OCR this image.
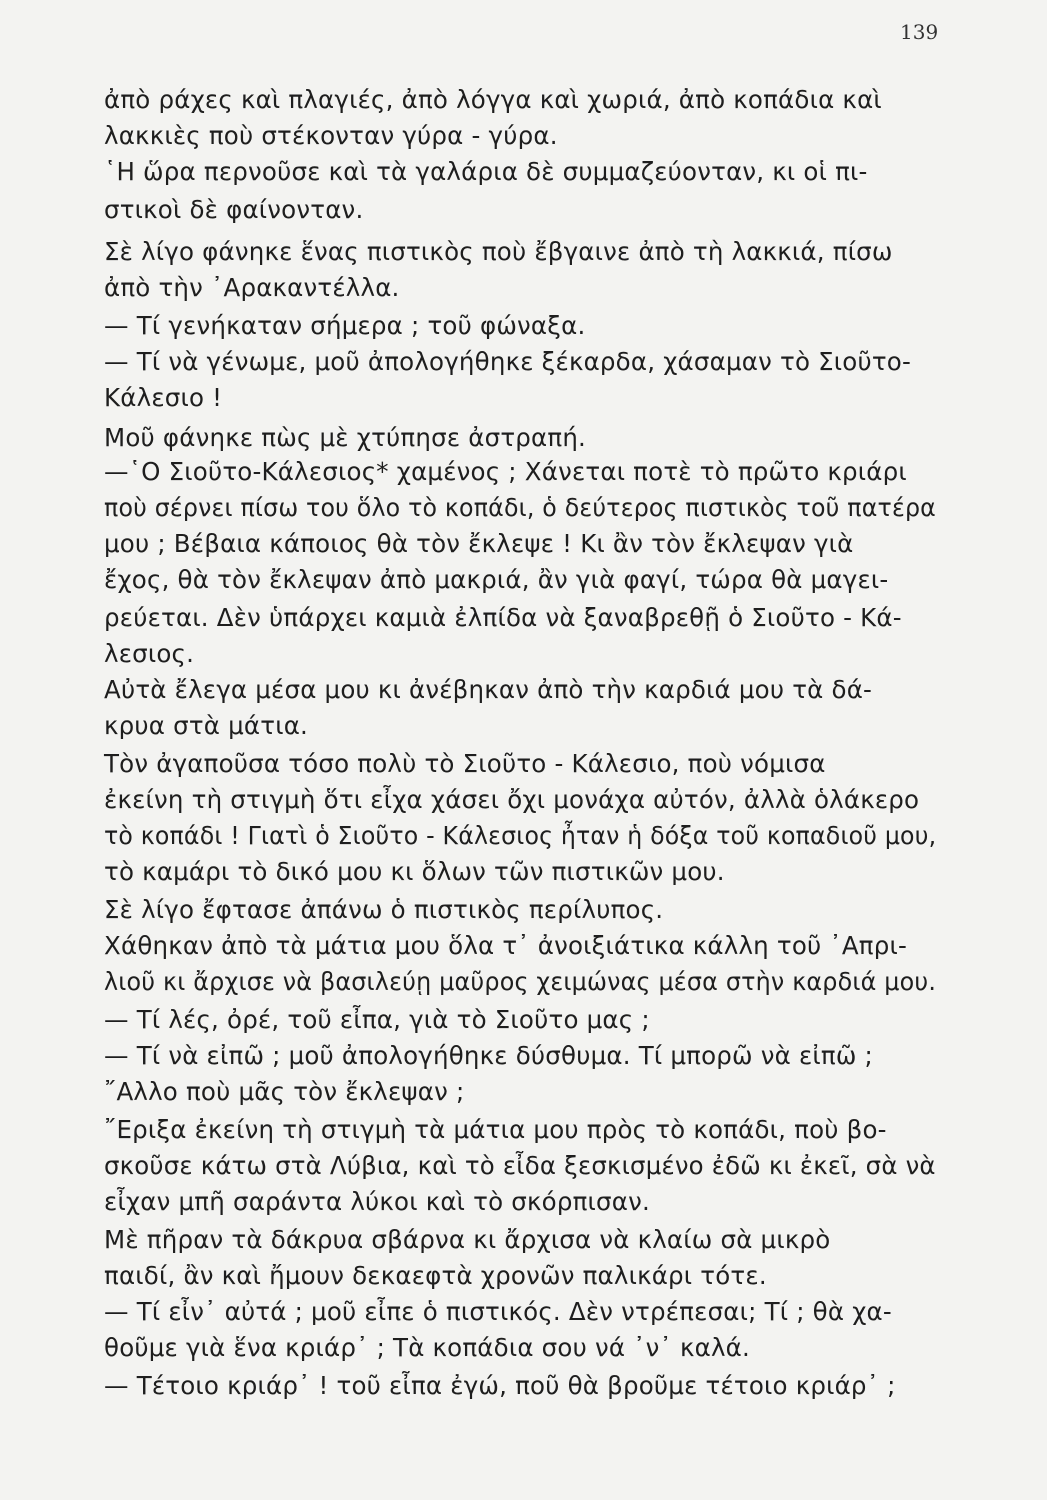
139
ἀπὸ ράχες καὶ πλαγιές, ἀπὸ λόγγα καὶ χωριά, ἀπὸ κοπάδια καὶ
λακκιὲς ποὺ στέκονταν γύρα - γύρα.
῾Η ὥρα περνοῦσε καὶ τὰ γαλάρια δὲ συμμαζεύονταν, κι οἱ πι-
στικοὶ δὲ φαίνονταν.
Σὲ λίγο φάνηκε ἕνας πιστικὸς ποὺ ἔβγαινε ἀπὸ τὴ λακκιά, πίσω
ἀπὸ τὴν ᾿Αρακαντέλλα.
— Τί γενήκαταν σήμερα ; τοῦ φώναξα.
— Τί νὰ γένωμε, μοῦ ἀπολογήθηκε ξέκαρδα, χάσαμαν τὸ Σιοῦτο-
Κάλεσιο !
Μοῦ φάνηκε πὼς μὲ χτύπησε ἀστραπή.
—῾Ο Σιοῦτο-Κάλεσιος* χαμένος ; Χάνεται ποτὲ τὸ πρῶτο κριάρι
ποὺ σέρνει πίσω του ὅλο τὸ κοπάδι, ὁ δεύτερος πιστικὸς τοῦ πατέρα
μου ; Βέβαια κάποιος θὰ τὸν ἔκλεψε ! Κι ἂν τὸν ἔκλεψαν γιὰ
ἔχος, θὰ τὸν ἔκλεψαν ἀπὸ μακριά, ἂν γιὰ φαγί, τώρα θὰ μαγει-
ρεύεται. Δὲν ὑπάρχει καμιὰ ἐλπίδα νὰ ξαναβρεθῇ ὁ Σιοῦτο - Κά-
λεσιος.
Αὐτὰ ἔλεγα μέσα μου κι ἀνέβηκαν ἀπὸ τὴν καρδιά μου τὰ δά-
κρυα στὰ μάτια.
Τὸν ἀγαποῦσα τόσο πολὺ τὸ Σιοῦτο - Κάλεσιο, ποὺ νόμισα
ἐκείνη τὴ στιγμὴ ὅτι εἶχα χάσει ὄχι μονάχα αὐτόν, ἀλλὰ ὁλάκερο
τὸ κοπάδι ! Γιατὶ ὁ Σιοῦτο - Κάλεσιος ἦταν ἡ δόξα τοῦ κοπαδιοῦ μου,
τὸ καμάρι τὸ δικό μου κι ὅλων τῶν πιστικῶν μου.
Σὲ λίγο ἔφτασε ἀπάνω ὁ πιστικὸς περίλυπος.
Χάθηκαν ἀπὸ τὰ μάτια μου ὅλα τ᾿ ἀνοιξιάτικα κάλλη τοῦ ᾿Απρι-
λιοῦ κι ἄρχισε νὰ βασιλεύῃ μαῦρος χειμώνας μέσα στὴν καρδιά μου.
— Τί λές, ὀρέ, τοῦ εἶπα, γιὰ τὸ Σιοῦτο μας ;
— Τί νὰ εἰπῶ ; μοῦ ἀπολογήθηκε δύσθυμα. Τί μπορῶ νὰ εἰπῶ ;
῎Αλλο ποὺ μᾶς τὸν ἔκλεψαν ;
῎Εριξα ἐκείνη τὴ στιγμὴ τὰ μάτια μου πρὸς τὸ κοπάδι, ποὺ βο-
σκοῦσε κάτω στὰ Λύβια, καὶ τὸ εἶδα ξεσκισμένο ἐδῶ κι ἐκεῖ, σὰ νὰ
εἶχαν μπῆ σαράντα λύκοι καὶ τὸ σκόρπισαν.
Μὲ πῆραν τὰ δάκρυα σβάρνα κι ἄρχισα νὰ κλαίω σὰ μικρὸ
παιδί, ἂν καὶ ἤμουν δεκαεφτὰ χρονῶν παλικάρι τότε.
— Τί εἶν᾿ αὐτά ; μοῦ εἶπε ὁ πιστικός. Δὲν ντρέπεσαι; Τί ; θὰ χα-
θοῦμε γιὰ ἕνα κριάρ᾿ ; Τὰ κοπάδια σου νά ᾿ν᾿ καλά.
— Τέτοιο κριάρ᾿ ! τοῦ εἶπα ἐγώ, ποῦ θὰ βροῦμε τέτοιο κριάρ᾿ ;
